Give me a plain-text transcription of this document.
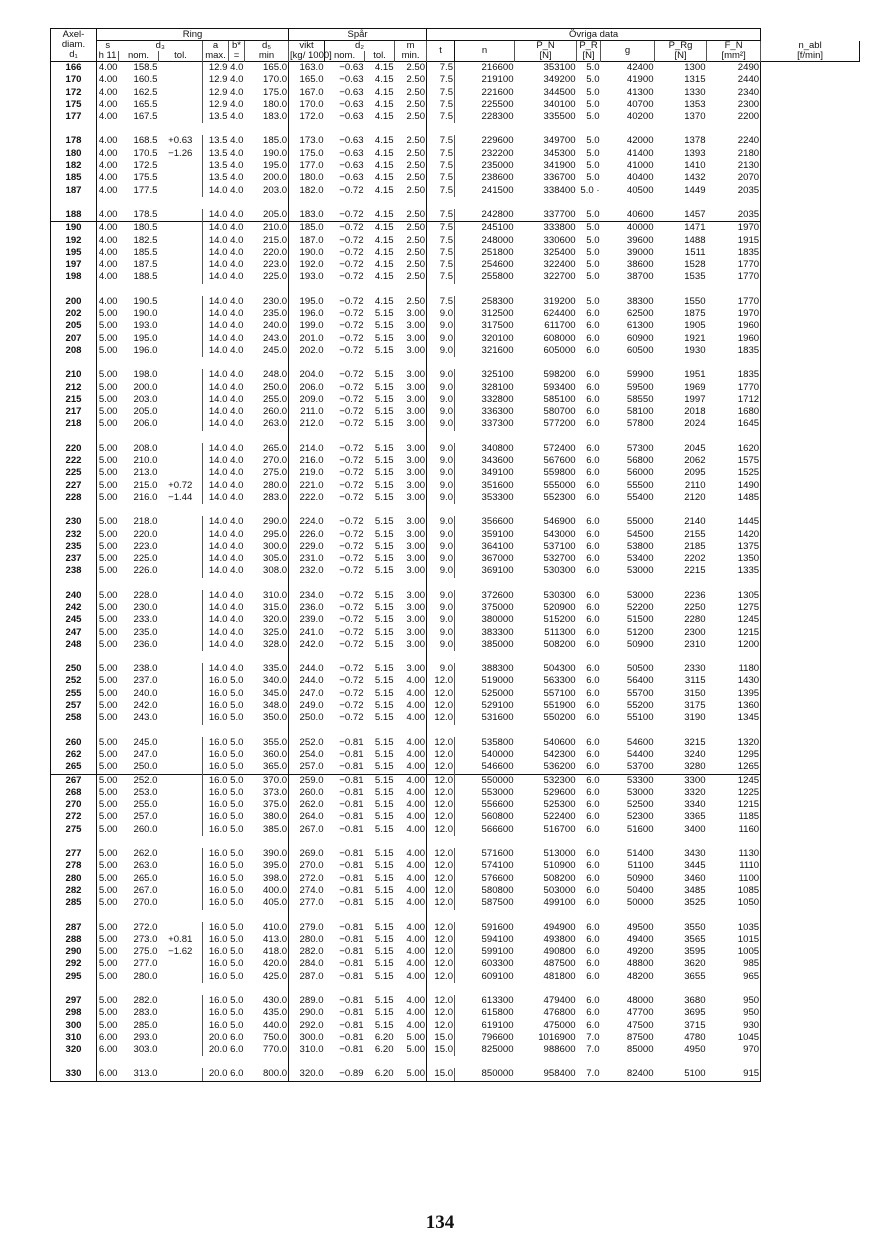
Axel-
diam.
d₁	Ring						Spår				Övriga data							
	s	d₃		a	b*	d₅	vikt	d₂		m	t	n	P_N	P_R	g	P_Rg	F_N	n_abl
	h 11	nom.	tol.	max.	=	min	[kg/ 1000]	nom.	tol.	min.			[N]	[N]		[N]	[mm²]	[f/min]
166	4.00	158.5		12.9	4.0	165.0	163.0	−0.63	4.15	2.50	7.5	216600	353100	5.0	42400	1300	2490	
170	4.00	160.5		12.9	4.0	170.0	165.0	−0.63	4.15	2.50	7.5	219100	349200	5.0	41900	1315	2440	
172	4.00	162.5		12.9	4.0	175.0	167.0	−0.63	4.15	2.50	7.5	221600	344500	5.0	41300	1330	2340	
175	4.00	165.5		12.9	4.0	180.0	170.0	−0.63	4.15	2.50	7.5	225500	340100	5.0	40700	1353	2300	
177	4.00	167.5		13.5	4.0	183.0	172.0	−0.63	4.15	2.50	7.5	228300	335500	5.0	40200	1370	2200	

178	4.00	168.5	+0.63	13.5	4.0	185.0	173.0	−0.63	4.15	2.50	7.5	229600	349700	5.0	42000	1378	2240	
180	4.00	170.5	−1.26	13.5	4.0	190.0	175.0	−0.63	4.15	2.50	7.5	232200	345300	5.0	41400	1393	2180	
182	4.00	172.5		13.5	4.0	195.0	177.0	−0.63	4.15	2.50	7.5	235000	341900	5.0	41000	1410	2130	
185	4.00	175.5		13.5	4.0	200.0	180.0	−0.63	4.15	2.50	7.5	238600	336700	5.0	40400	1432	2070	
187	4.00	177.5		14.0	4.0	203.0	182.0	−0.72	4.15	2.50	7.5	241500	338400	5.0 ·	40500	1449	2035	

188	4.00	178.5		14.0	4.0	205.0	183.0	−0.72	4.15	2.50	7.5	242800	337700	5.0	40600	1457	2035	
190	4.00	180.5		14.0	4.0	210.0	185.0	−0.72	4.15	2.50	7.5	245100	333800	5.0	40000	1471	1970	
192	4.00	182.5		14.0	4.0	215.0	187.0	−0.72	4.15	2.50	7.5	248000	330600	5.0	39600	1488	1915	
195	4.00	185.5		14.0	4.0	220.0	190.0	−0.72	4.15	2.50	7.5	251800	325400	5.0	39000	1511	1835	
197	4.00	187.5		14.0	4.0	223.0	192.0	−0.72	4.15	2.50	7.5	254600	322400	5.0	38600	1528	1770	
198	4.00	188.5		14.0	4.0	225.0	193.0	−0.72	4.15	2.50	7.5	255800	322700	5.0	38700	1535	1770	

200	4.00	190.5		14.0	4.0	230.0	195.0	−0.72	4.15	2.50	7.5	258300	319200	5.0	38300	1550	1770	
202	5.00	190.0		14.0	4.0	235.0	196.0	−0.72	5.15	3.00	9.0	312500	624400	6.0	62500	1875	1970	
205	5.00	193.0		14.0	4.0	240.0	199.0	−0.72	5.15	3.00	9.0	317500	611700	6.0	61300	1905	1960	
207	5.00	195.0		14.0	4.0	243.0	201.0	−0.72	5.15	3.00	9.0	320100	608000	6.0	60900	1921	1960	
208	5.00	196.0		14.0	4.0	245.0	202.0	−0.72	5.15	3.00	9.0	321600	605000	6.0	60500	1930	1835	

210	5.00	198.0		14.0	4.0	248.0	204.0	−0.72	5.15	3.00	9.0	325100	598200	6.0	59900	1951	1835	
212	5.00	200.0		14.0	4.0	250.0	206.0	−0.72	5.15	3.00	9.0	328100	593400	6.0	59500	1969	1770	
215	5.00	203.0		14.0	4.0	255.0	209.0	−0.72	5.15	3.00	9.0	332800	585100	6.0	58550	1997	1712	
217	5.00	205.0		14.0	4.0	260.0	211.0	−0.72	5.15	3.00	9.0	336300	580700	6.0	58100	2018	1680	
218	5.00	206.0		14.0	4.0	263.0	212.0	−0.72	5.15	3.00	9.0	337300	577200	6.0	57800	2024	1645	

220	5.00	208.0		14.0	4.0	265.0	214.0	−0.72	5.15	3.00	9.0	340800	572400	6.0	57300	2045	1620	
222	5.00	210.0		14.0	4.0	270.0	216.0	−0.72	5.15	3.00	9.0	343600	567600	6.0	56800	2062	1575	
225	5.00	213.0		14.0	4.0	275.0	219.0	−0.72	5.15	3.00	9.0	349100	559800	6.0	56000	2095	1525	
227	5.00	215.0	+0.72	14.0	4.0	280.0	221.0	−0.72	5.15	3.00	9.0	351600	555000	6.0	55500	2110	1490	
228	5.00	216.0	−1.44	14.0	4.0	283.0	222.0	−0.72	5.15	3.00	9.0	353300	552300	6.0	55400	2120	1485	

230	5.00	218.0		14.0	4.0	290.0	224.0	−0.72	5.15	3.00	9.0	356600	546900	6.0	55000	2140	1445	
232	5.00	220.0		14.0	4.0	295.0	226.0	−0.72	5.15	3.00	9.0	359100	543000	6.0	54500	2155	1420	
235	5.00	223.0		14.0	4.0	300.0	229.0	−0.72	5.15	3.00	9.0	364100	537100	6.0	53800	2185	1375	
237	5.00	225.0		14.0	4.0	305.0	231.0	−0.72	5.15	3.00	9.0	367000	532700	6.0	53400	2202	1350	
238	5.00	226.0		14.0	4.0	308.0	232.0	−0.72	5.15	3.00	9.0	369100	530300	6.0	53000	2215	1335	

240	5.00	228.0		14.0	4.0	310.0	234.0	−0.72	5.15	3.00	9.0	372600	530300	6.0	53000	2236	1305	
242	5.00	230.0		14.0	4.0	315.0	236.0	−0.72	5.15	3.00	9.0	375000	520900	6.0	52200	2250	1275	
245	5.00	233.0		14.0	4.0	320.0	239.0	−0.72	5.15	3.00	9.0	380000	515200	6.0	51500	2280	1245	
247	5.00	235.0		14.0	4.0	325.0	241.0	−0.72	5.15	3.00	9.0	383300	511300	6.0	51200	2300	1215	
248	5.00	236.0		14.0	4.0	328.0	242.0	−0.72	5.15	3.00	9.0	385000	508200	6.0	50900	2310	1200	

250	5.00	238.0		14.0	4.0	335.0	244.0	−0.72	5.15	3.00	9.0	388300	504300	6.0	50500	2330	1180	
252	5.00	237.0		16.0	5.0	340.0	244.0	−0.72	5.15	4.00	12.0	519000	563300	6.0	56400	3115	1430	
255	5.00	240.0		16.0	5.0	345.0	247.0	−0.72	5.15	4.00	12.0	525000	557100	6.0	55700	3150	1395	
257	5.00	242.0		16.0	5.0	348.0	249.0	−0.72	5.15	4.00	12.0	529100	551900	6.0	55200	3175	1360	
258	5.00	243.0		16.0	5.0	350.0	250.0	−0.72	5.15	4.00	12.0	531600	550200	6.0	55100	3190	1345	

260	5.00	245.0		16.0	5.0	355.0	252.0	−0.81	5.15	4.00	12.0	535800	540600	6.0	54600	3215	1320	
262	5.00	247.0		16.0	5.0	360.0	254.0	−0.81	5.15	4.00	12.0	540000	542300	6.0	54400	3240	1295	
265	5.00	250.0		16.0	5.0	365.0	257.0	−0.81	5.15	4.00	12.0	546600	536200	6.0	53700	3280	1265	
267	5.00	252.0		16.0	5.0	370.0	259.0	−0.81	5.15	4.00	12.0	550000	532300	6.0	53300	3300	1245	
268	5.00	253.0		16.0	5.0	373.0	260.0	−0.81	5.15	4.00	12.0	553000	529600	6.0	53000	3320	1225	
270	5.00	255.0		16.0	5.0	375.0	262.0	−0.81	5.15	4.00	12.0	556600	525300	6.0	52500	3340	1215	
272	5.00	257.0		16.0	5.0	380.0	264.0	−0.81	5.15	4.00	12.0	560800	522400	6.0	52300	3365	1185	
275	5.00	260.0		16.0	5.0	385.0	267.0	−0.81	5.15	4.00	12.0	566600	516700	6.0	51600	3400	1160	

277	5.00	262.0		16.0	5.0	390.0	269.0	−0.81	5.15	4.00	12.0	571600	513000	6.0	51400	3430	1130	
278	5.00	263.0		16.0	5.0	395.0	270.0	−0.81	5.15	4.00	12.0	574100	510900	6.0	51100	3445	1110	
280	5.00	265.0		16.0	5.0	398.0	272.0	−0.81	5.15	4.00	12.0	576600	508200	6.0	50900	3460	1100	
282	5.00	267.0		16.0	5.0	400.0	274.0	−0.81	5.15	4.00	12.0	580800	503000	6.0	50400	3485	1085	
285	5.00	270.0		16.0	5.0	405.0	277.0	−0.81	5.15	4.00	12.0	587500	499100	6.0	50000	3525	1050	

287	5.00	272.0		16.0	5.0	410.0	279.0	−0.81	5.15	4.00	12.0	591600	494900	6.0	49500	3550	1035	
288	5.00	273.0	+0.81	16.0	5.0	413.0	280.0	−0.81	5.15	4.00	12.0	594100	493800	6.0	49400	3565	1015	
290	5.00	275.0	−1.62	16.0	5.0	418.0	282.0	−0.81	5.15	4.00	12.0	599100	490800	6.0	49200	3595	1005	
292	5.00	277.0		16.0	5.0	420.0	284.0	−0.81	5.15	4.00	12.0	603300	487500	6.0	48800	3620	985	
295	5.00	280.0		16.0	5.0	425.0	287.0	−0.81	5.15	4.00	12.0	609100	481800	6.0	48200	3655	965	

297	5.00	282.0		16.0	5.0	430.0	289.0	−0.81	5.15	4.00	12.0	613300	479400	6.0	48000	3680	950	
298	5.00	283.0		16.0	5.0	435.0	290.0	−0.81	5.15	4.00	12.0	615800	476800	6.0	47700	3695	950	
300	5.00	285.0		16.0	5.0	440.0	292.0	−0.81	5.15	4.00	12.0	619100	475000	6.0	47500	3715	930	
310	6.00	293.0		20.0	6.0	750.0	300.0	−0.81	6.20	5.00	15.0	796600	1016900	7.0	87500	4780	1045	
320	6.00	303.0		20.0	6.0	770.0	310.0	−0.81	6.20	5.00	15.0	825000	988600	7.0	85000	4950	970	

330	6.00	313.0		20.0	6.0	800.0	320.0	−0.89	6.20	5.00	15.0	850000	958400	7.0	82400	5100	915	
134
